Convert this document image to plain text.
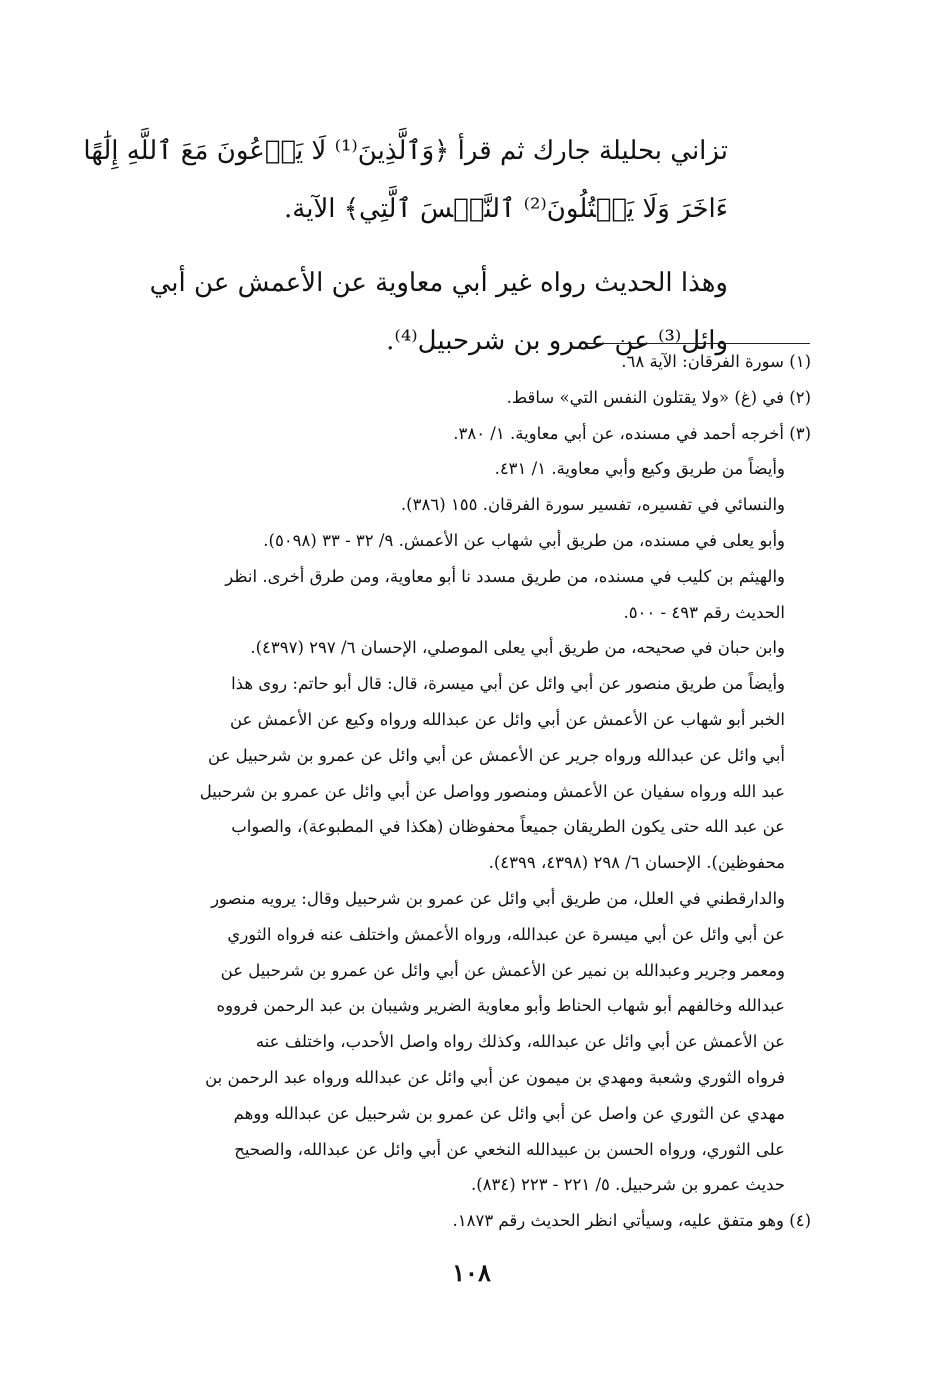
تزاني بحليلة جارك ثم قرأ ﴿وَٱلَّذِينَ⁽¹⁾ لَا يَدۡعُونَ مَعَ ٱللَّهِ إِلَٰهًا
ءَاخَرَ وَلَا يَقۡتُلُونَ⁽²⁾ ٱلنَّفۡسَ ٱلَّتِي﴾ الآية.
وهذا الحديث رواه غير أبي معاوية عن الأعمش عن أبي
وائل⁽³⁾ عن عمرو بن شرحبيل⁽⁴⁾.
(١) سورة الفرقان: الآية ٦٨.
(٢) في (غ) «ولا يقتلون النفس التي» ساقط.
(٣) أخرجه أحمد في مسنده، عن أبي معاوية. ١/ ٣٨٠.
وأيضاً من طريق وكيع وأبي معاوية. ١/ ٤٣١.
والنسائي في تفسيره، تفسير سورة الفرقان. ١٥٥ (٣٨٦).
وأبو يعلى في مسنده، من طريق أبي شهاب عن الأعمش. ٩/ ٣٢ - ٣٣ (٥٠٩٨).
والهيثم بن كليب في مسنده، من طريق مسدد نا أبو معاوية، ومن طرق أخرى. انظر
الحديث رقم ٤٩٣ - ٥٠٠.
وابن حبان في صحيحه، من طريق أبي يعلى الموصلي، الإحسان ٦/ ٢٩٧ (٤٣٩٧).
وأيضاً من طريق منصور عن أبي وائل عن أبي ميسرة، قال: قال أبو حاتم: روى هذا
الخبر أبو شهاب عن الأعمش عن أبي وائل عن عبدالله ورواه وكيع عن الأعمش عن
أبي وائل عن عبدالله ورواه جرير عن الأعمش عن أبي وائل عن عمرو بن شرحبيل عن
عبد الله ورواه سفيان عن الأعمش ومنصور وواصل عن أبي وائل عن عمرو بن شرحبيل
عن عبد الله حتى يكون الطريقان جميعاً محفوظان (هكذا في المطبوعة)، والصواب
محفوظين). الإحسان ٦/ ٢٩٨ (٤٣٩٨، ٤٣٩٩).
والدارقطني في العلل، من طريق أبي وائل عن عمرو بن شرحبيل وقال: يرويه منصور
عن أبي وائل عن أبي ميسرة عن عبدالله، ورواه الأعمش واختلف عنه فرواه الثوري
ومعمر وجرير وعبدالله بن نمير عن الأعمش عن أبي وائل عن عمرو بن شرحبيل عن
عبدالله وخالفهم أبو شهاب الحناط وأبو معاوية الضرير وشيبان بن عبد الرحمن فرووه
عن الأعمش عن أبي وائل عن عبدالله، وكذلك رواه واصل الأحدب، واختلف عنه
فرواه الثوري وشعبة ومهدي بن ميمون عن أبي وائل عن عبدالله ورواه عبد الرحمن بن
مهدي عن الثوري عن واصل عن أبي وائل عن عمرو بن شرحبيل عن عبدالله ووهم
على الثوري، ورواه الحسن بن عبيدالله النخعي عن أبي وائل عن عبدالله، والصحيح
حديث عمرو بن شرحبيل. ٥/ ٢٢١ - ٢٢٣ (٨٣٤).
(٤) وهو متفق عليه، وسيأتي انظر الحديث رقم ١٨٧٣.
١٠٨
